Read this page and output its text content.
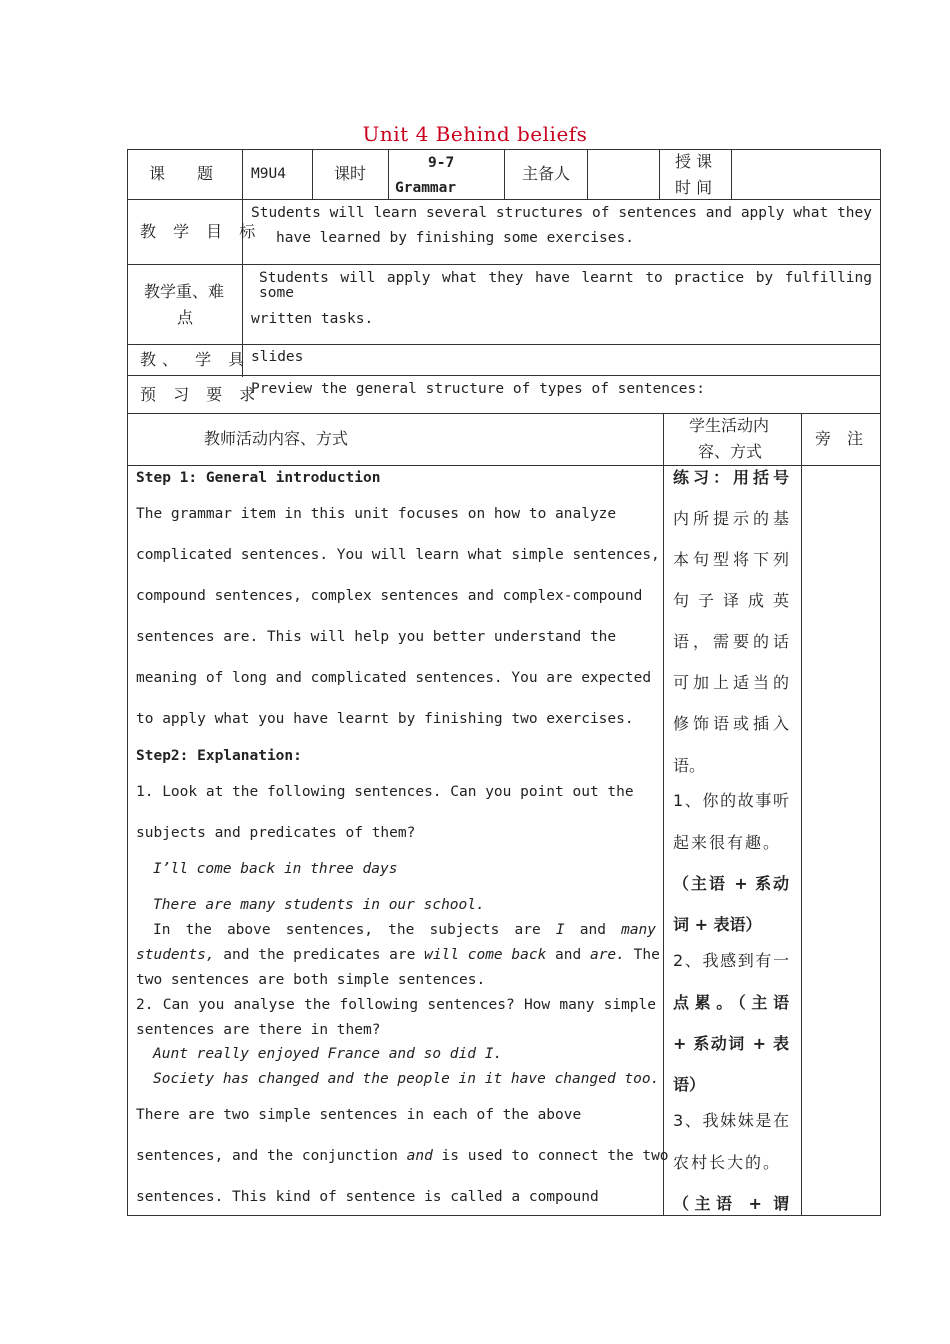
Unit 4 Behind beliefs
课　　题	M9U4	课时
9-7
Grammar
主备人
授 课
时 间
教 学 目 标
Students will learn several structures of sentences and apply what they
have learned by finishing some exercises.
教学重、难
点
Students will apply what they have learnt to practice by fulfilling some
written tasks.
教、 学 具 slides
预 习 要 求
Preview the general structure of types of sentences:
教师活动内容、方式
学生活动内
容、方式
旁　注
Step 1: General introduction
The grammar item in this unit focuses on how to analyze
complicated sentences. You will learn what simple sentences,
compound sentences, complex sentences and complex-compound
sentences are. This will help you better understand the
meaning of long and complicated sentences. You are expected
to apply what you have learnt by finishing two exercises.
Step2: Explanation:
1. Look at the following sentences. Can you point out the
subjects and predicates of them?
I’ll come back in three days
There are many students in our school.
In the above sentences, the subjects are I and many
students, and the predicates are will come back and are. The
two sentences are both simple sentences.
2. Can you analyse the following sentences? How many simple
sentences are there in them?
Aunt really enjoyed France and so did I.
Society has changed and the people in it have changed too.
There are two simple sentences in each of the above
sentences, and the conjunction and is used to connect the two
sentences. This kind of sentence is called a compound
练习：用括号
内所提示的基
本句型将下列
句子译成英
语，需要的话
可加上适当的
修饰语或插入
语。
1、你的故事听
起来很有趣。
（主语 + 系动
词 + 表语）
2、我感到有一
点累。（主语
+ 系动词 + 表
语）
3、我妹妹是在
农村长大的。
（主语 + 谓
